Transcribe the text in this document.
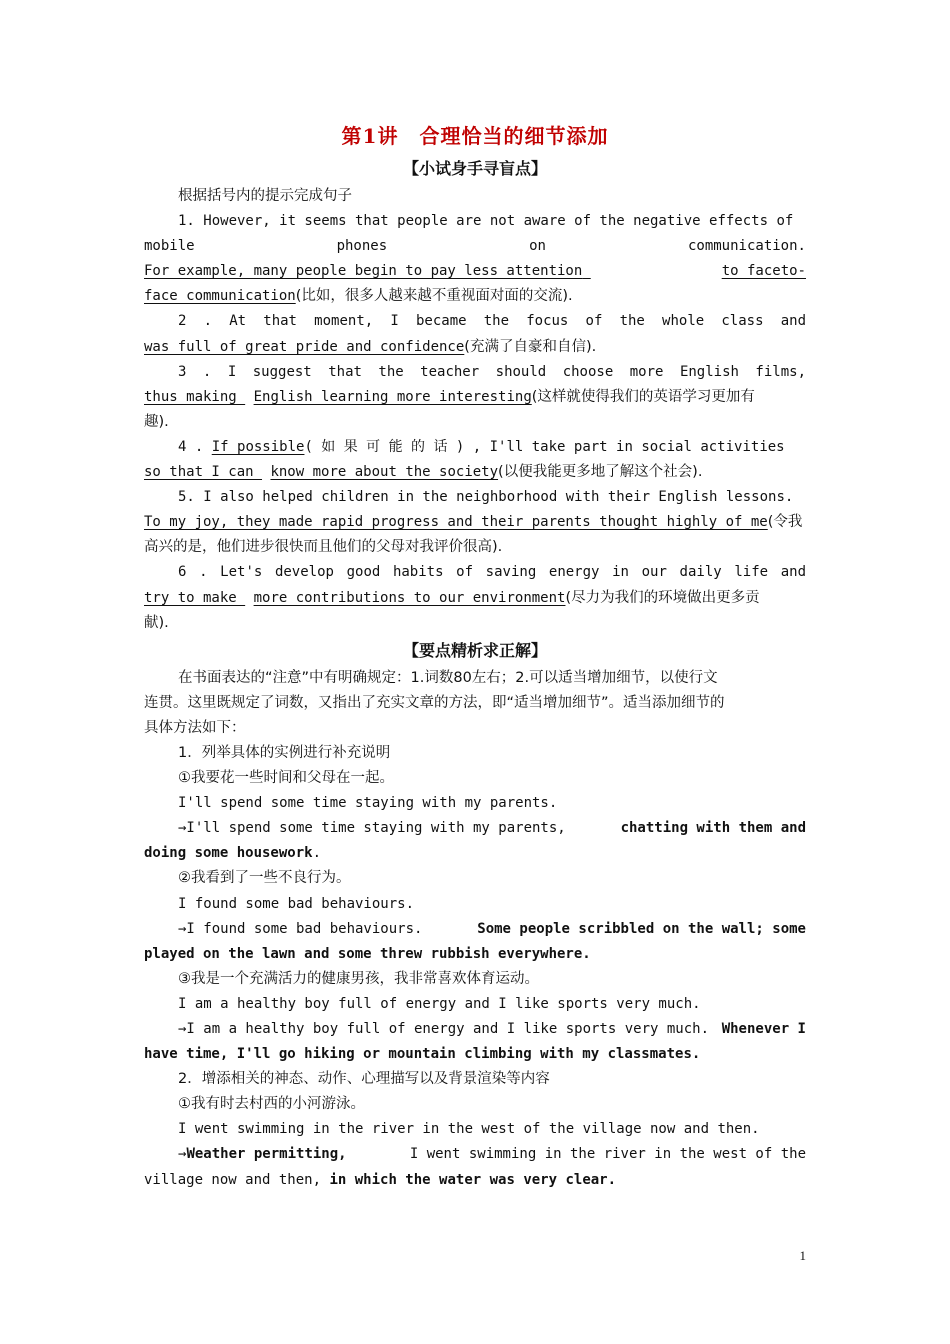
第1讲　合理恰当的细节添加
【小试身手寻盲点】
根据括号内的提示完成句子
1. However, it seems that people are not aware of the negative effects of
mobile	phones	on	communication.
For example, many people begin to pay less attention	to faceto-
face communication(比如，很多人越来越不重视面对面的交流).
2 . At that moment, I became the focus of the whole class and
was full of great pride and confidence(充满了自豪和自信).
3 . I suggest that the teacher should choose more English films,
thus making  English learning more interesting(这样就使得我们的英语学习更加有
趣).
4 . If possible( 如 果 可 能 的 话 ) , I'll take part in social activities
so that I can  know more about the society(以便我能更多地了解这个社会).
5. I also helped children in the neighborhood with their English lessons.
To my joy, they made rapid progress and their parents thought highly of me(令我
高兴的是，他们进步很快而且他们的父母对我评价很高).
6 . Let's develop good habits of saving energy in our daily life and
try to make  more contributions to our environment(尽力为我们的环境做出更多贡
献).
【要点精析求正解】
在书面表达的“注意”中有明确规定：1.词数80左右；2.可以适当增加细节，以使行文
连贯。这里既规定了词数，又指出了充实文章的方法，即“适当增加细节”。适当添加细节的
具体方法如下：
1．列举具体的实例进行补充说明
①我要花一些时间和父母在一起。
I'll spend some time staying with my parents.
→I'll spend some time staying with my parents,	chatting with them and
doing some housework.
②我看到了一些不良行为。
I found some bad behaviours.
→I found some bad behaviours.	Some people scribbled on the wall; some
played on the lawn and some threw rubbish everywhere.
③我是一个充满活力的健康男孩，我非常喜欢体育运动。
I am a healthy boy full of energy and I like sports very much.
→I am a healthy boy full of energy and I like sports very much. Whenever I
have time, I'll go hiking or mountain climbing with my classmates.
2．增添相关的神态、动作、心理描写以及背景渲染等内容
①我有时去村西的小河游泳。
I went swimming in the river in the west of the village now and then.
→Weather permitting,	I went swimming in the river in the west of the
village now and then, in which the water was very clear.
1
